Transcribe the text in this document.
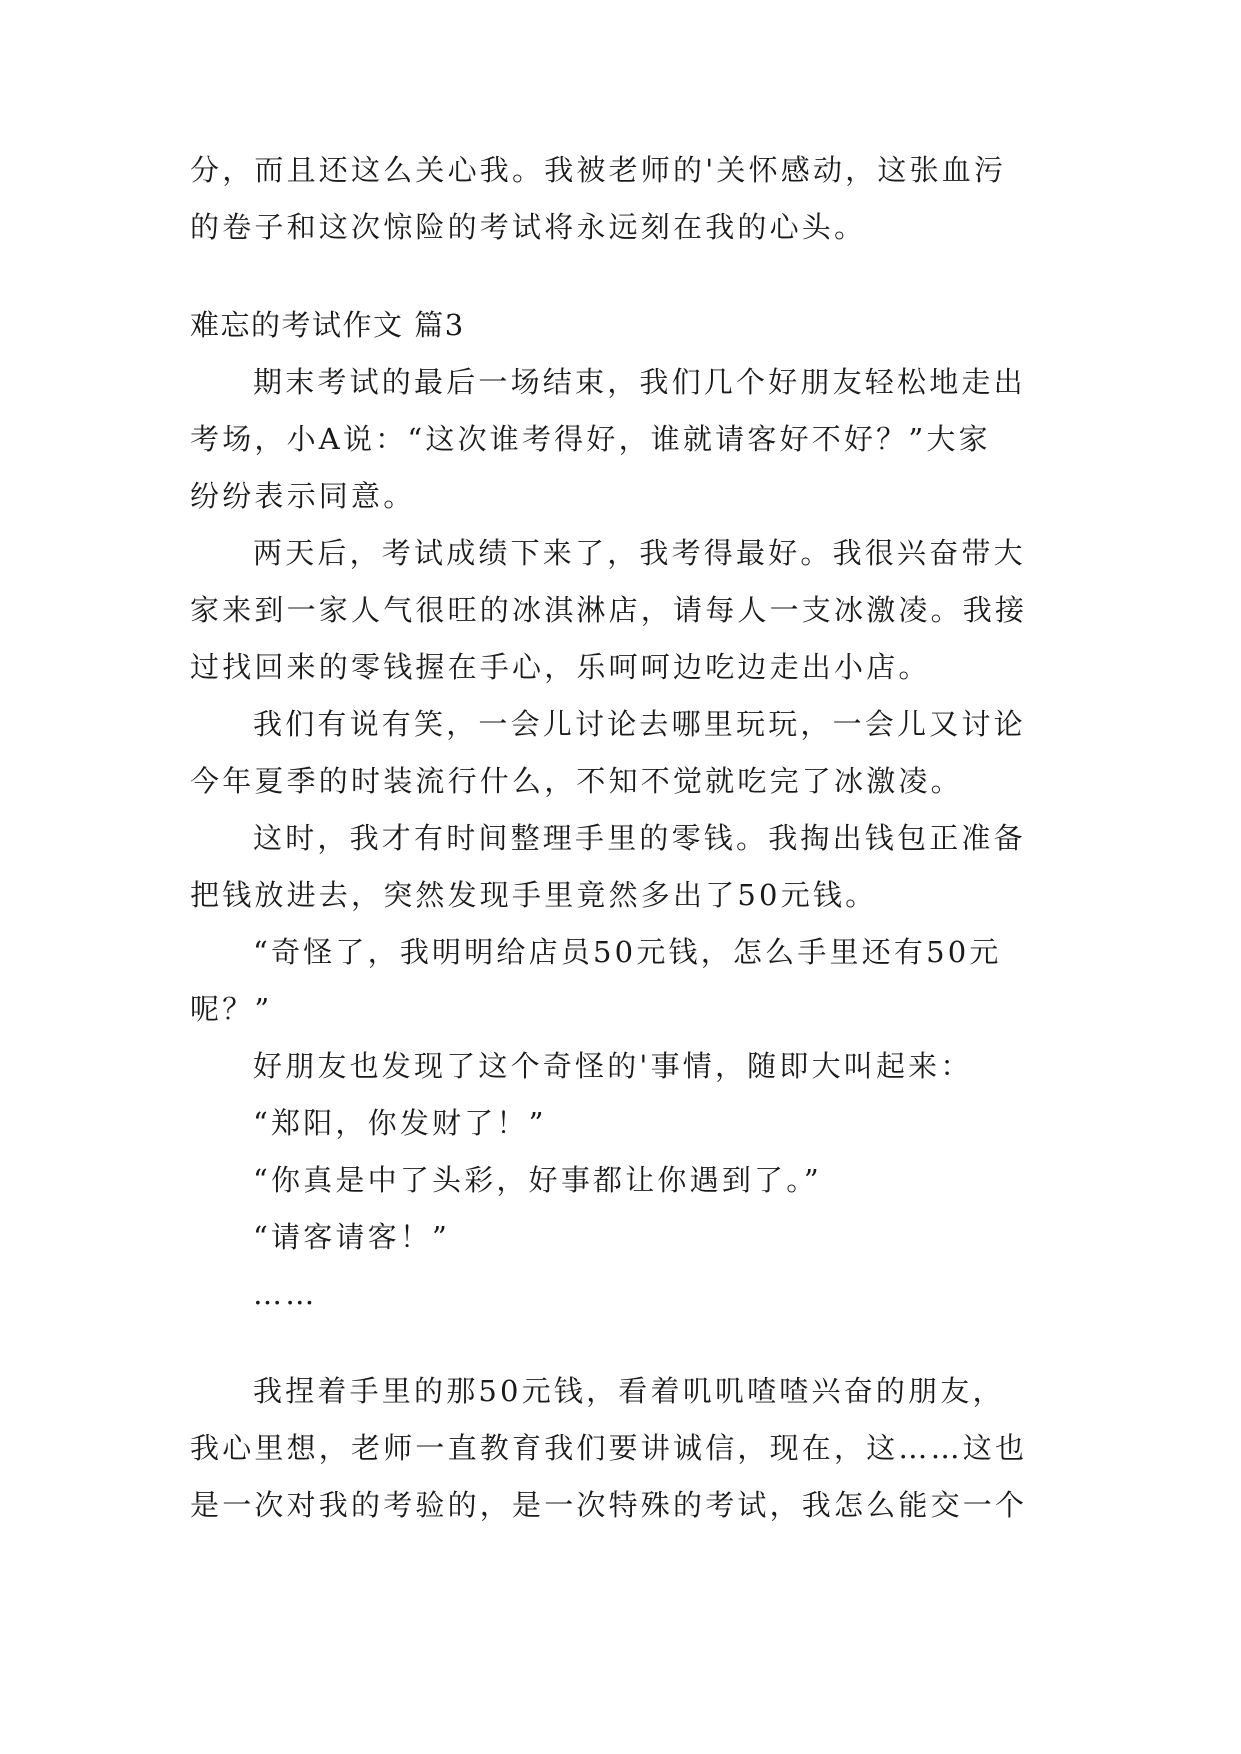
分，而且还这么关心我。我被老师的'关怀感动，这张血污
的卷子和这次惊险的考试将永远刻在我的心头。
难忘的考试作文 篇3
期末考试的最后一场结束，我们几个好朋友轻松地走出
考场，小A说：“这次谁考得好，谁就请客好不好？”大家
纷纷表示同意。
两天后，考试成绩下来了，我考得最好。我很兴奋带大
家来到一家人气很旺的冰淇淋店，请每人一支冰激凌。我接
过找回来的零钱握在手心，乐呵呵边吃边走出小店。
我们有说有笑，一会儿讨论去哪里玩玩，一会儿又讨论
今年夏季的时装流行什么，不知不觉就吃完了冰激凌。
这时，我才有时间整理手里的零钱。我掏出钱包正准备
把钱放进去，突然发现手里竟然多出了50元钱。
“奇怪了，我明明给店员50元钱，怎么手里还有50元
呢？”
好朋友也发现了这个奇怪的'事情，随即大叫起来：
“郑阳，你发财了！”
“你真是中了头彩，好事都让你遇到了。”
“请客请客！”
……
我捏着手里的那50元钱，看着叽叽喳喳兴奋的朋友，
我心里想，老师一直教育我们要讲诚信，现在，这……这也
是一次对我的考验的，是一次特殊的考试，我怎么能交一个
